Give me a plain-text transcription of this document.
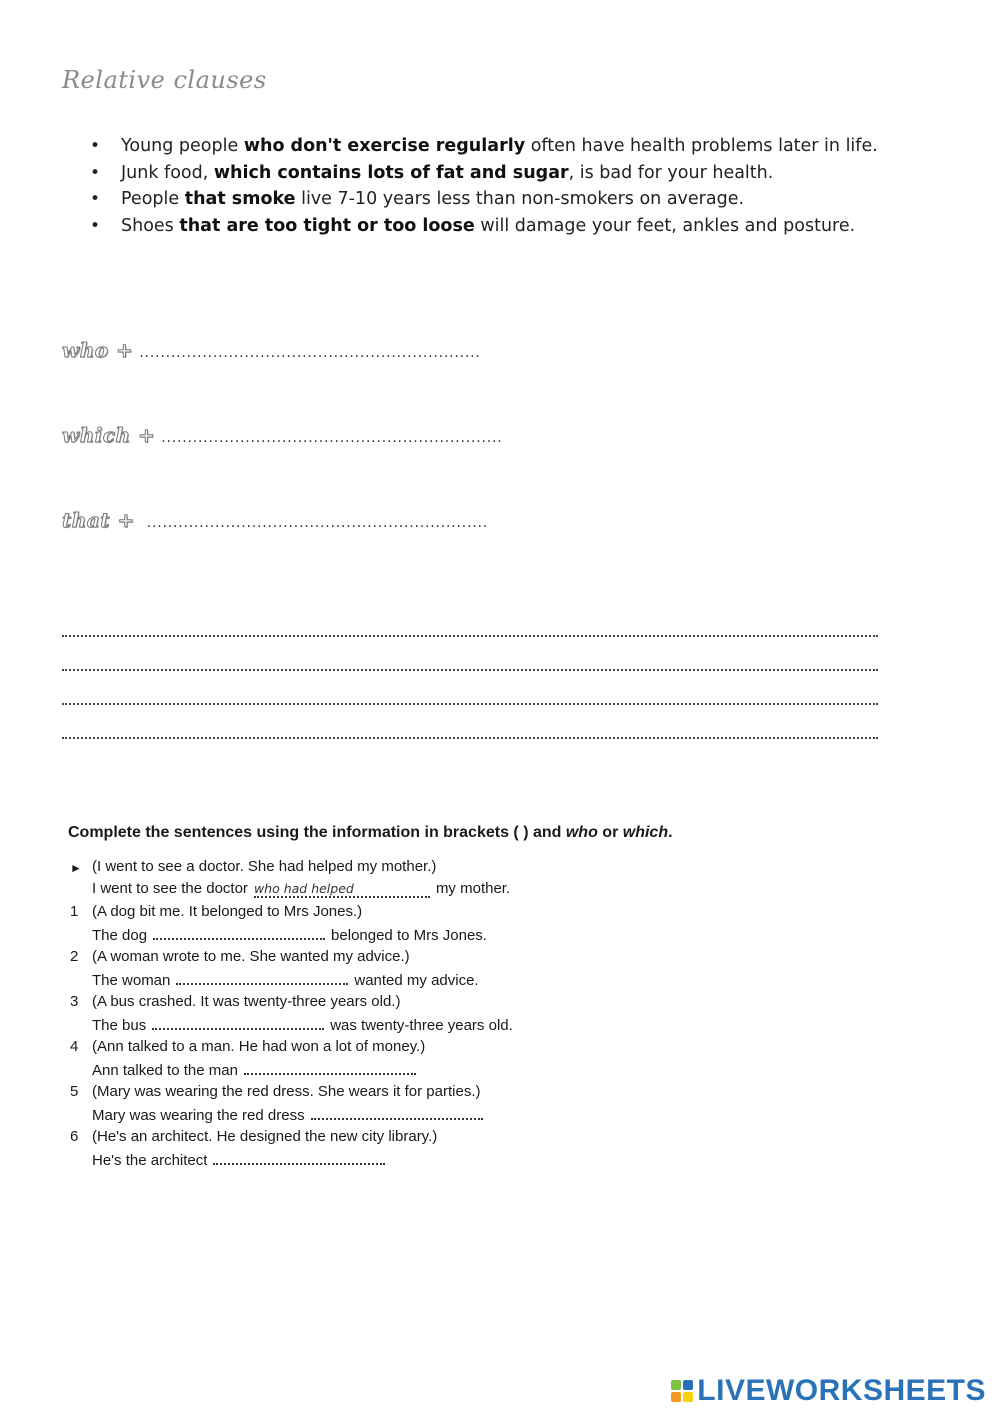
Relative clauses
• Young people who don't exercise regularly often have health problems later in life.
• Junk food, which contains lots of fat and sugar, is bad for your health.
• People that smoke live 7-10 years less than non-smokers on average.
• Shoes that are too tight or too loose will damage your feet, ankles and posture.
who + .................................................................
which + .................................................................
that + .................................................................
Complete the sentences using the information in brackets ( ) and who or which.
► (I went to see a doctor. She had helped my mother.)
I went to see the doctor who had helped	my mother.
1 (A dog bit me. It belonged to Mrs Jones.)
The dog	belonged to Mrs Jones.
2 (A woman wrote to me. She wanted my advice.)
The woman	wanted my advice.
3 (A bus crashed. It was twenty-three years old.)
The bus	was twenty-three years old.
4 (Ann talked to a man. He had won a lot of money.)
Ann talked to the man
5 (Mary was wearing the red dress. She wears it for parties.)
Mary was wearing the red dress
6 (He's an architect. He designed the new city library.)
He's the architect
LIVEWORKSHEETS
